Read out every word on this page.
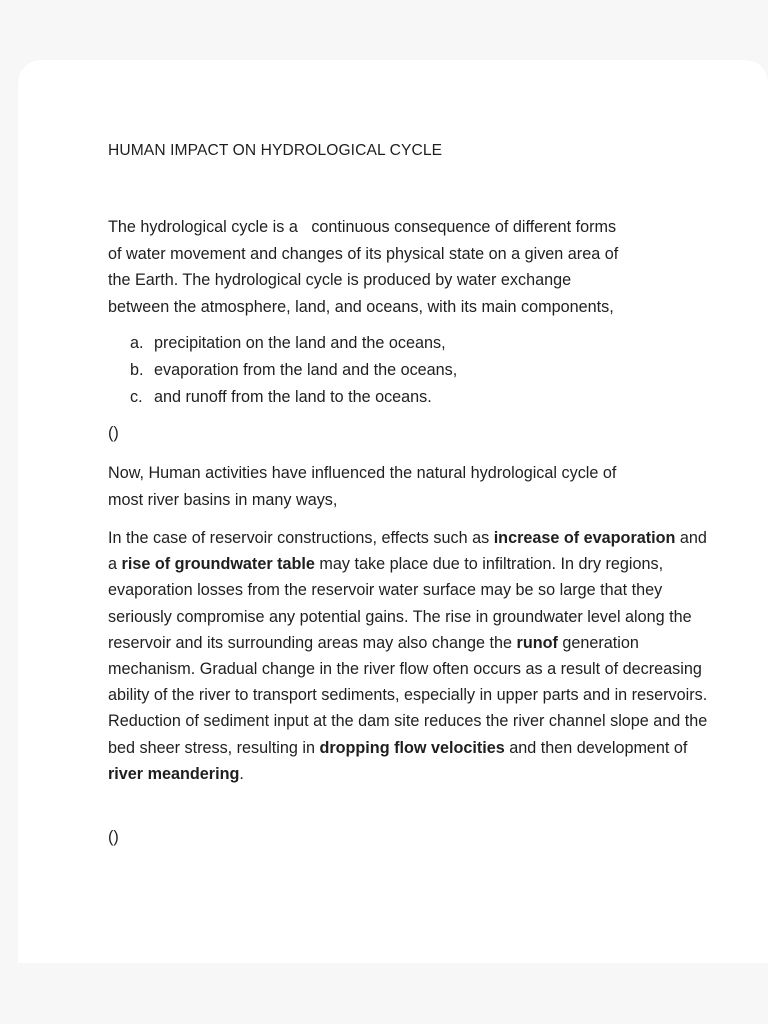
HUMAN IMPACT ON HYDROLOGICAL CYCLE
The hydrological cycle is a   continuous consequence of different forms
of water movement and changes of its physical state on a given area of
the Earth. The hydrological cycle is produced by water exchange
between the atmosphere, land, and oceans, with its main components,
a. precipitation on the land and the oceans,
b. evaporation from the land and the oceans,
c. and runoff from the land to the oceans.
()
Now, Human activities have influenced the natural hydrological cycle of
most river basins in many ways,

In the case of reservoir constructions, effects such as increase of evaporation and a rise of groundwater table may take place due to infiltration. In dry regions, evaporation losses from the reservoir water surface may be so large that they seriously compromise any potential gains. The rise in groundwater level along the reservoir and its surrounding areas may also change the runof generation mechanism. Gradual change in the river flow often occurs as a result of decreasing ability of the river to transport sediments, especially in upper parts and in reservoirs. Reduction of sediment input at the dam site reduces the river channel slope and the bed sheer stress, resulting in dropping flow velocities and then development of river meandering.

()
